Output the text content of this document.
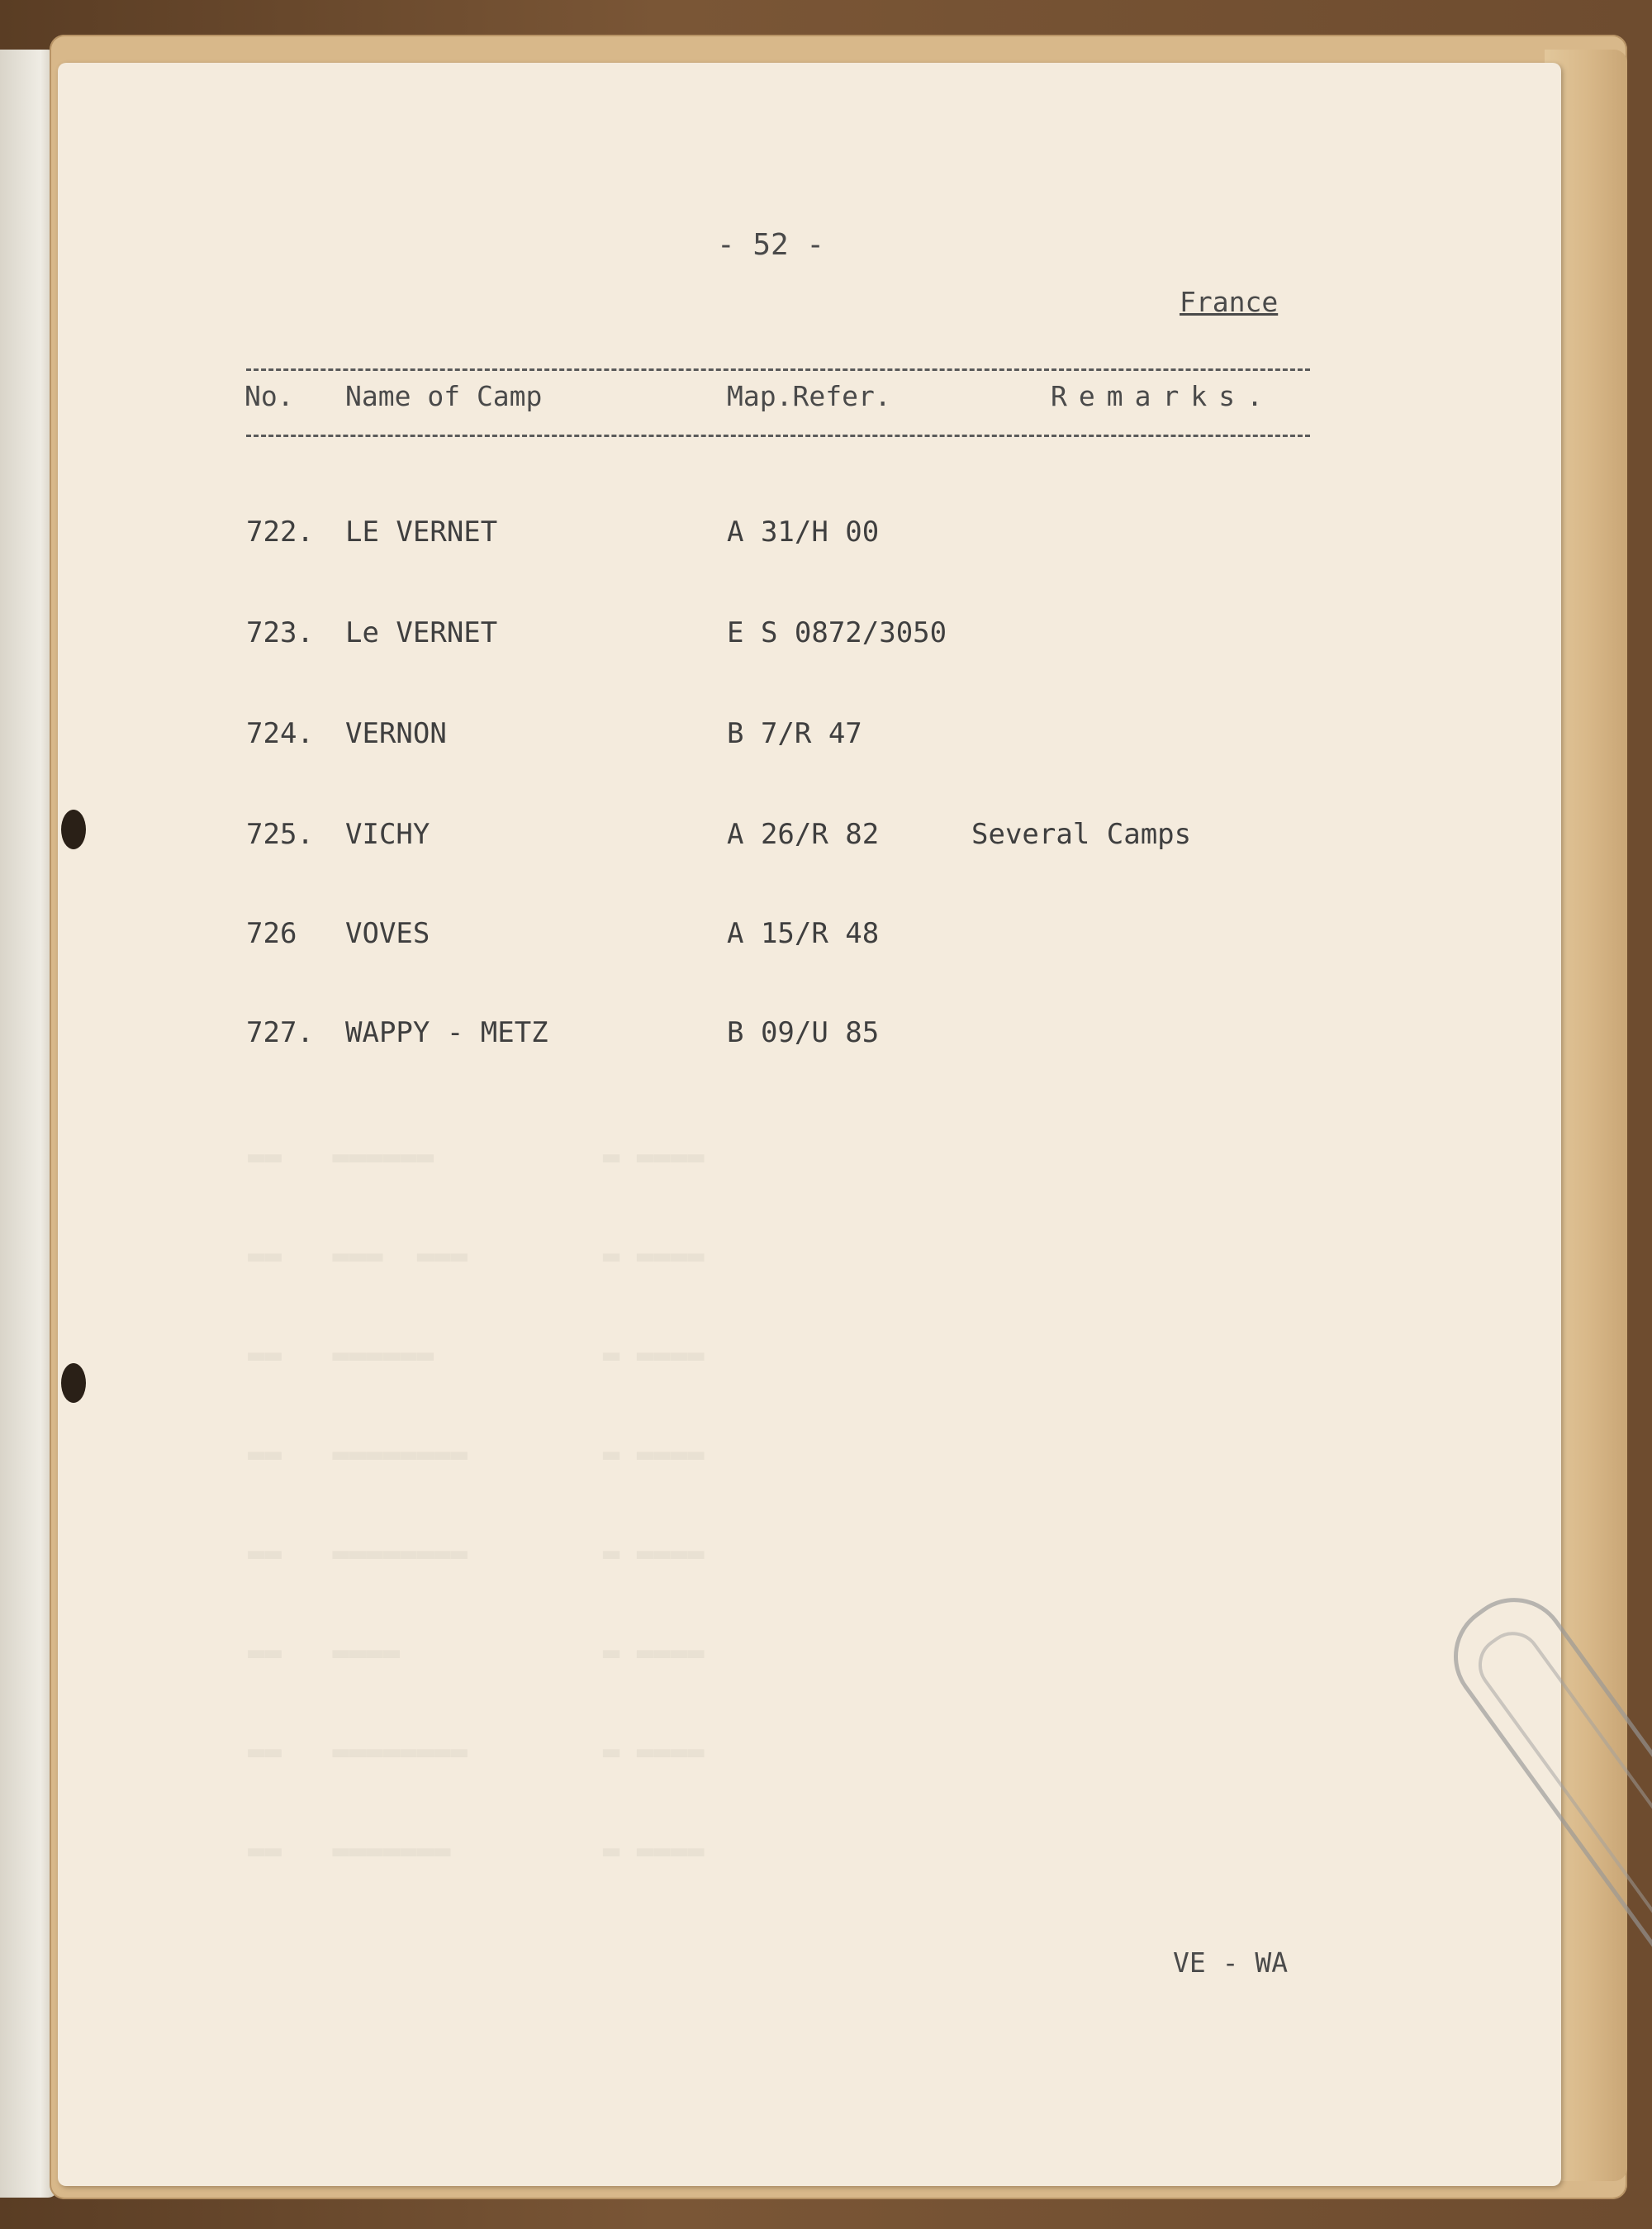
▬▬   ▬▬▬▬▬▬          ▬ ▬▬▬▬
▬▬   ▬▬▬  ▬▬▬        ▬ ▬▬▬▬
▬▬   ▬▬▬▬▬▬          ▬ ▬▬▬▬
▬▬   ▬▬▬▬▬▬▬▬        ▬ ▬▬▬▬
▬▬   ▬▬▬▬▬▬▬▬        ▬ ▬▬▬▬
▬▬   ▬▬▬▬            ▬ ▬▬▬▬
▬▬   ▬▬▬▬▬▬▬▬        ▬ ▬▬▬▬
▬▬   ▬▬▬▬▬▬▬         ▬ ▬▬▬▬
- 52 -
France
No. Name of Camp	Map.Refer.	Remarks.
722. LE VERNET	A 31/H 00
723. Le VERNET	E S 0872/3050
724. VERNON	B 7/R 47
725. VICHY	A 26/R 82	Several Camps
726 VOVES	A 15/R 48
727. WAPPY - METZ	B 09/U 85
VE - WA
